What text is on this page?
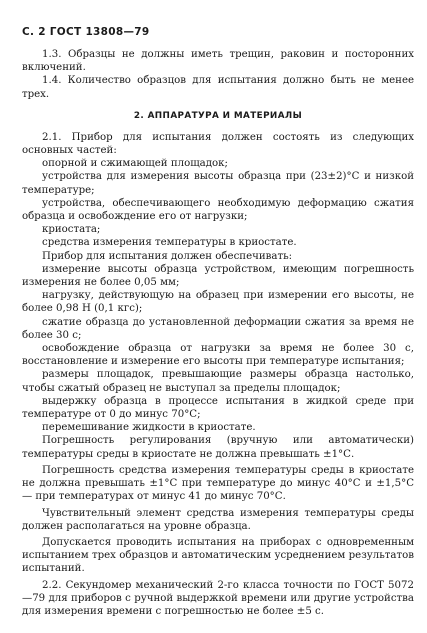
С. 2 ГОСТ 13808—79

1.3. Образцы не должны иметь трещин, раковин и посторонних включений.

1.4. Количество образцов для испытания должно быть не менее трех.

2. АППАРАТУРА И МАТЕРИАЛЫ

2.1. Прибор для испытания должен состоять из следующих основных частей:

опорной и сжимающей площадок;

устройства для измерения высоты образца при (23±2)°С и низкой температуре;

устройства, обеспечивающего необходимую деформацию сжатия образца и освобождение его от нагрузки;

криостата;

средства измерения температуры в криостате.

Прибор для испытания должен обеспечивать:

измерение высоты образца устройством, имеющим погрешность измерения не более 0,05 мм;

нагрузку, действующую на образец при измерении его высоты, не более 0,98 Н (0,1 кгс);

сжатие образца до установленной деформации сжатия за время не более 30 с;

освобождение образца от нагрузки за время не более 30 с, восстановление и измерение его высоты при температуре испытания;

размеры площадок, превышающие размеры образца настолько, чтобы сжатый образец не выступал за пределы площадок;

выдержку образца в процессе испытания в жидкой среде при температуре от 0 до минус 70°С;

перемешивание жидкости в криостате.

Погрешность регулирования (вручную или автоматически) температуры среды в криостате не должна превышать ±1°С.

Погрешность средства измерения температуры среды в криостате не должна превышать ±1°С при температуре до минус 40°С и ±1,5°С — при температурах от минус 41 до минус 70°С.

Чувствительный элемент средства измерения температуры среды должен располагаться на уровне образца.

Допускается проводить испытания на приборах с одновременным испытанием трех образцов и автоматическим усреднением результатов испытаний.

2.2. Секундомер механический 2-го класса точности по ГОСТ 5072—79 для приборов с ручной выдержкой времени или другие устройства для измерения времени с погрешностью не более ±5 с.
